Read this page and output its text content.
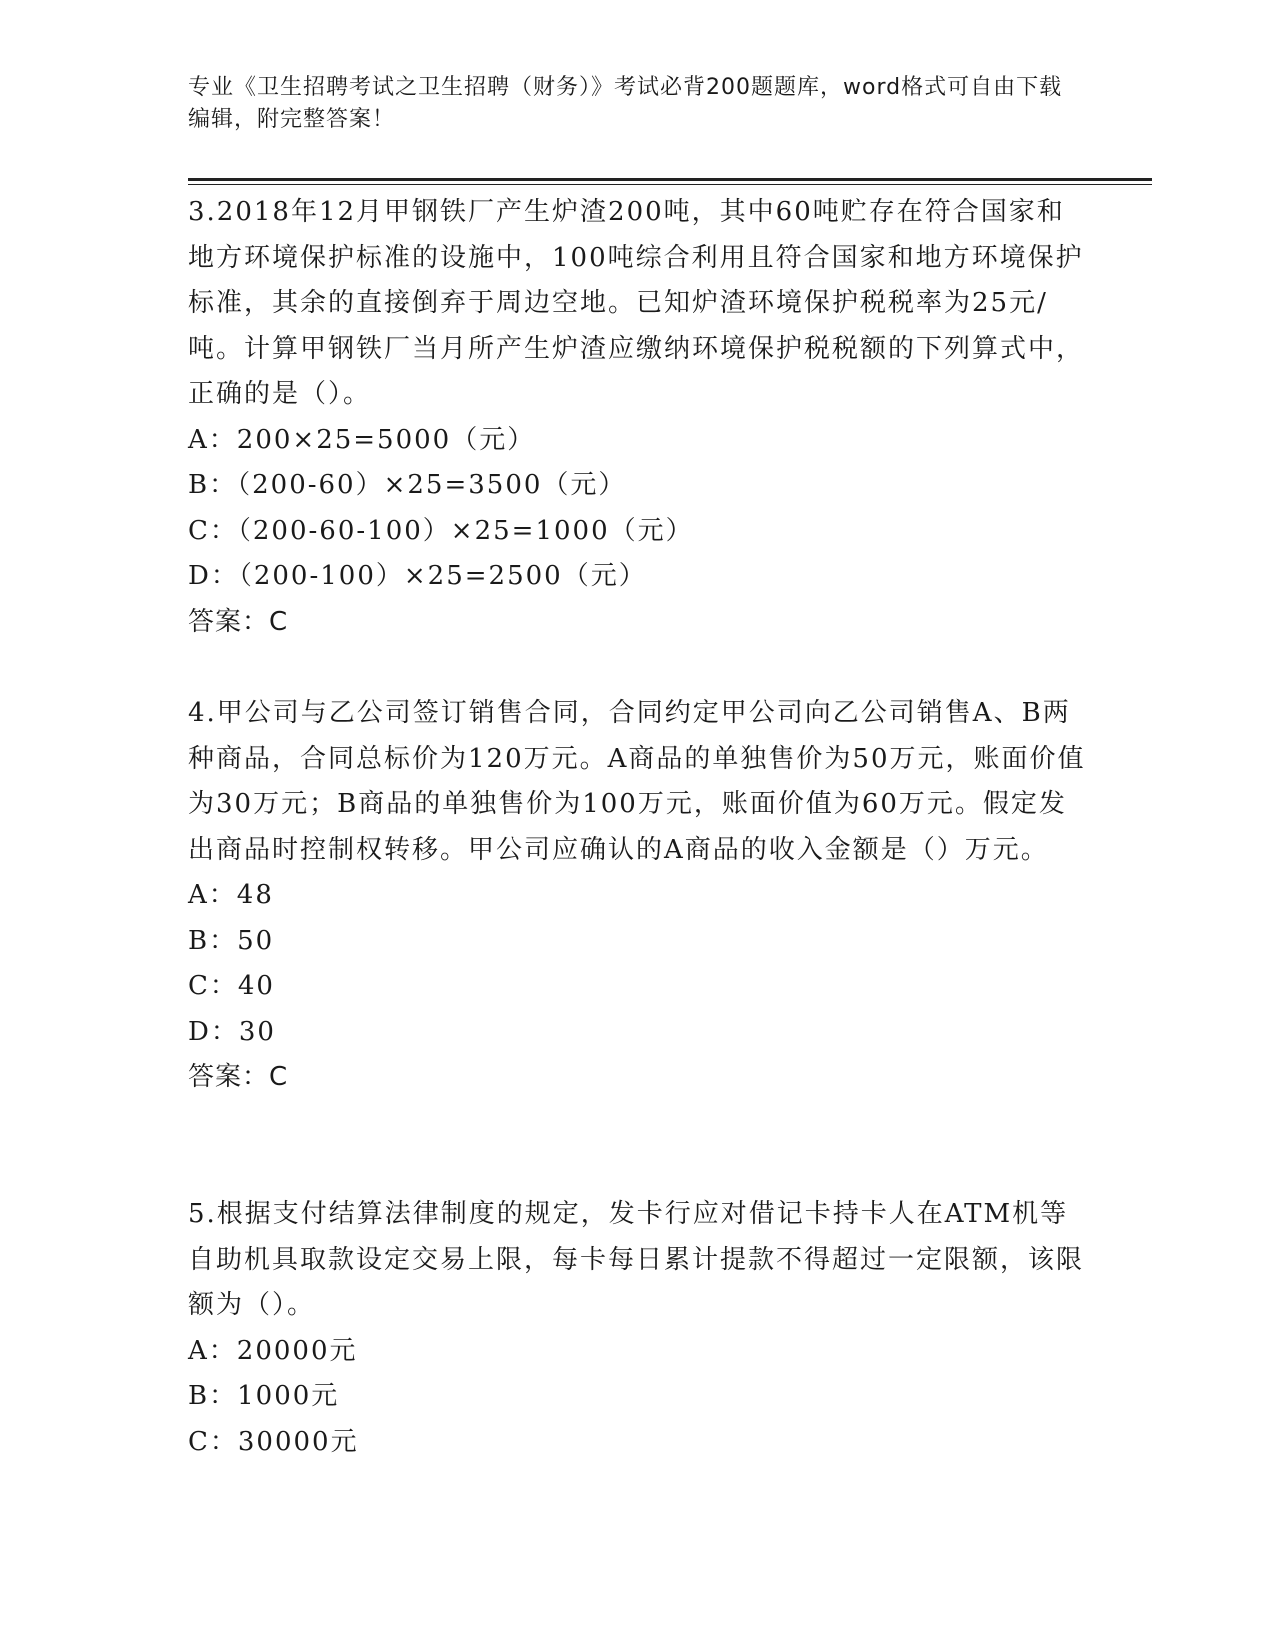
专业《卫生招聘考试之卫生招聘（财务）》考试必背200题题库，word格式可自由下载编辑，附完整答案！

3.2018年12月甲钢铁厂产生炉渣200吨，其中60吨贮存在符合国家和地方环境保护标准的设施中，100吨综合利用且符合国家和地方环境保护标准，其余的直接倒弃于周边空地。已知炉渣环境保护税税率为25元/吨。计算甲钢铁厂当月所产生炉渣应缴纳环境保护税税额的下列算式中，正确的是（）。

A：200×25=5000（元）

B：（200-60）×25=3500（元）

C：（200-60-100）×25=1000（元）

D：（200-100）×25=2500（元）

答案：C

4.甲公司与乙公司签订销售合同，合同约定甲公司向乙公司销售A、B两种商品，合同总标价为120万元。A商品的单独售价为50万元，账面价值为30万元；B商品的单独售价为100万元，账面价值为60万元。假定发出商品时控制权转移。甲公司应确认的A商品的收入金额是（）万元。

A：48

B：50

C：40

D：30

答案：C

5.根据支付结算法律制度的规定，发卡行应对借记卡持卡人在ATM机等自助机具取款设定交易上限，每卡每日累计提款不得超过一定限额，该限额为（）。

A：20000元

B：1000元

C：30000元
